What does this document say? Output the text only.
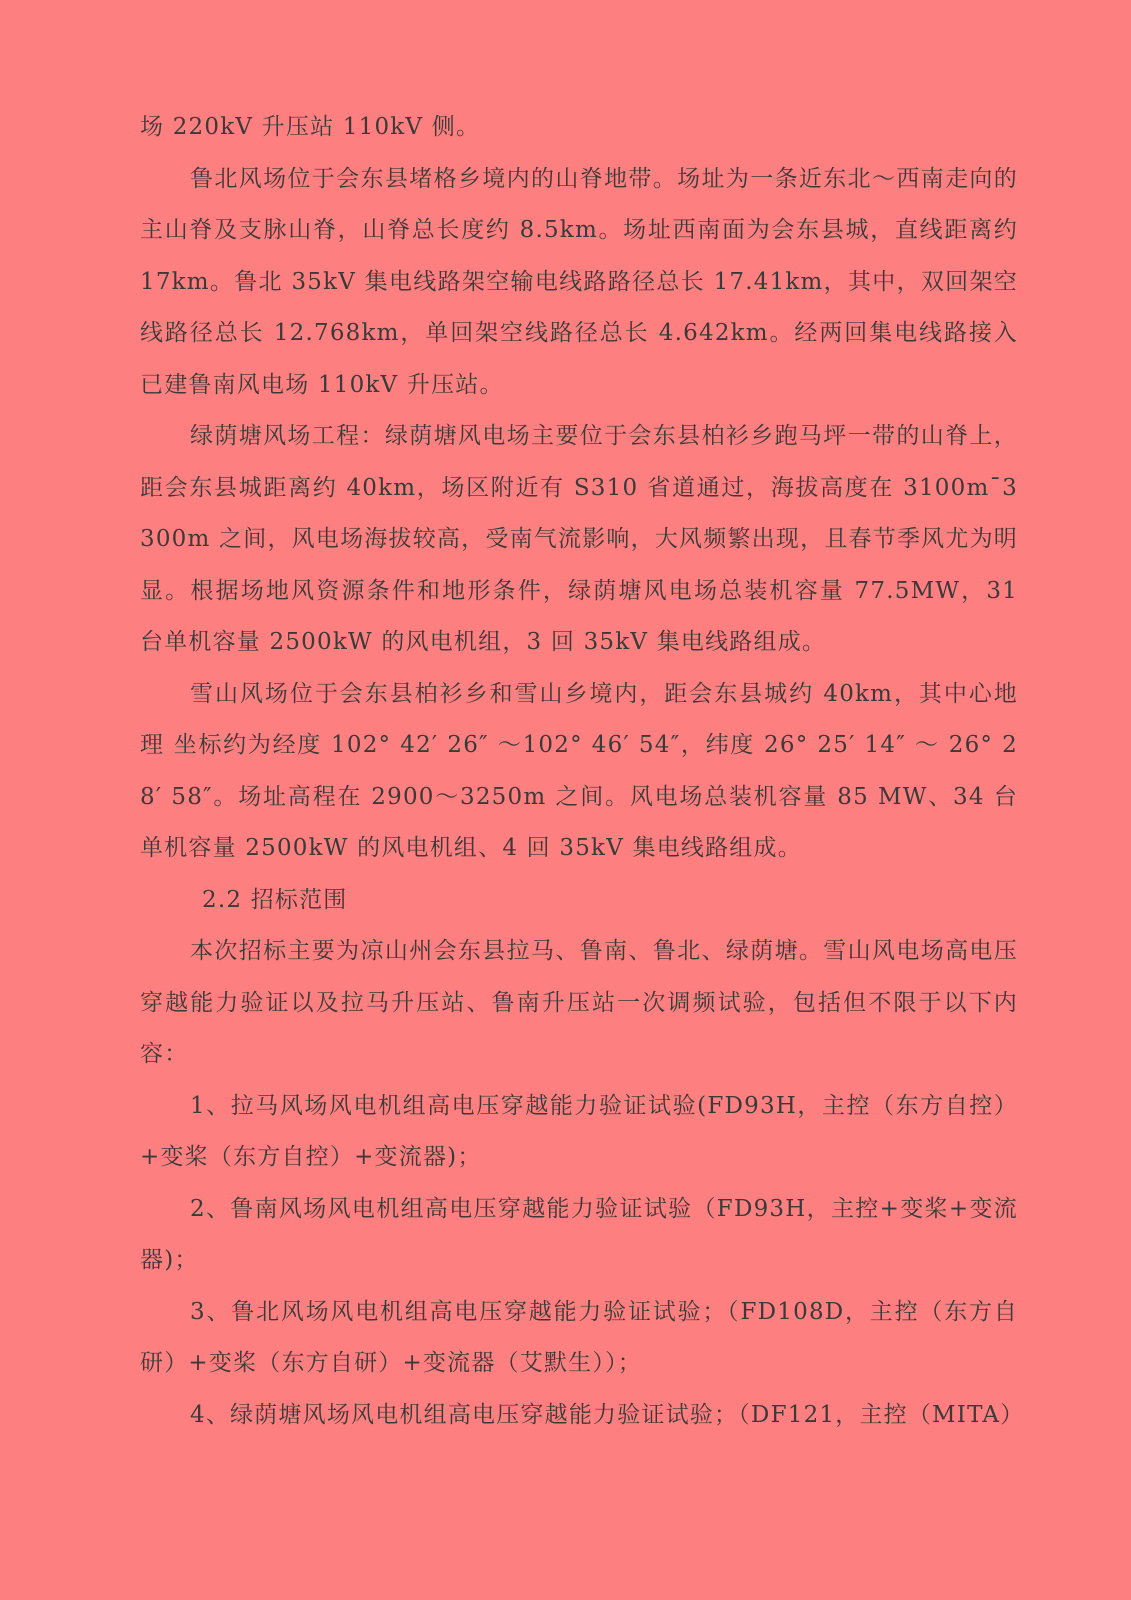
场 220kV 升压站 110kV 侧。

鲁北风场位于会东县堵格乡境内的山脊地带。场址为一条近东北～西南走向的主山脊及支脉山脊，山脊总长度约 8.5km。场址西南面为会东县城，直线距离约 17km。鲁北 35kV 集电线路架空输电线路路径总长 17.41km，其中，双回架空线路径总长 12.768km，单回架空线路径总长 4.642km。经两回集电线路接入已建鲁南风电场 110kV 升压站。

绿荫塘风场工程：绿荫塘风电场主要位于会东县柏衫乡跑马坪一带的山脊上，距会东县城距离约 40km，场区附近有 S310 省道通过，海拔高度在 3100m¯3300m 之间，风电场海拔较高，受南气流影响，大风频繁出现，且春节季风尤为明显。根据场地风资源条件和地形条件，绿荫塘风电场总装机容量 77.5MW，31 台单机容量 2500kW 的风电机组，3 回 35kV 集电线路组成。

雪山风场位于会东县柏衫乡和雪山乡境内，距会东县城约 40km，其中心地理 坐标约为经度 102° 42′ 26″ ～102° 46′ 54″，纬度 26° 25′ 14″ ～ 26° 28′ 58″。场址高程在 2900～3250m 之间。风电场总装机容量 85 MW、34 台单机容量 2500kW 的风电机组、4 回 35kV 集电线路组成。

2.2 招标范围

本次招标主要为凉山州会东县拉马、鲁南、鲁北、绿荫塘。雪山风电场高电压穿越能力验证以及拉马升压站、鲁南升压站一次调频试验，包括但不限于以下内容：

1、拉马风场风电机组高电压穿越能力验证试验(FD93H，主控（东方自控）+变桨（东方自控）+变流器)；

2、鲁南风场风电机组高电压穿越能力验证试验（FD93H，主控+变桨+变流器)；

3、鲁北风场风电机组高电压穿越能力验证试验；（FD108D，主控（东方自研）+变桨（东方自研）+变流器（艾默生））；

4、绿荫塘风场风电机组高电压穿越能力验证试验；（DF121，主控（MITA）
